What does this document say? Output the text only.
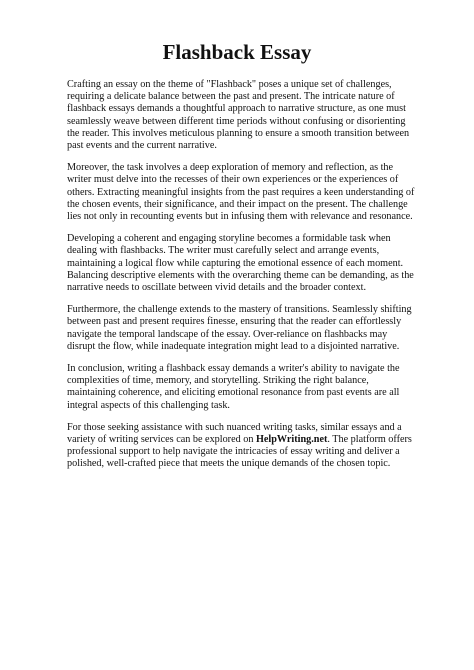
Flashback Essay

Crafting an essay on the theme of "Flashback" poses a unique set of challenges, requiring a delicate balance between the past and present. The intricate nature of flashback essays demands a thoughtful approach to narrative structure, as one must seamlessly weave between different time periods without confusing or disorienting the reader. This involves meticulous planning to ensure a smooth transition between past events and the current narrative.

Moreover, the task involves a deep exploration of memory and reflection, as the writer must delve into the recesses of their own experiences or the experiences of others. Extracting meaningful insights from the past requires a keen understanding of the chosen events, their significance, and their impact on the present. The challenge lies not only in recounting events but in infusing them with relevance and resonance.

Developing a coherent and engaging storyline becomes a formidable task when dealing with flashbacks. The writer must carefully select and arrange events, maintaining a logical flow while capturing the emotional essence of each moment. Balancing descriptive elements with the overarching theme can be demanding, as the narrative needs to oscillate between vivid details and the broader context.

Furthermore, the challenge extends to the mastery of transitions. Seamlessly shifting between past and present requires finesse, ensuring that the reader can effortlessly navigate the temporal landscape of the essay. Over-reliance on flashbacks may disrupt the flow, while inadequate integration might lead to a disjointed narrative.

In conclusion, writing a flashback essay demands a writer's ability to navigate the complexities of time, memory, and storytelling. Striking the right balance, maintaining coherence, and eliciting emotional resonance from past events are all integral aspects of this challenging task.

For those seeking assistance with such nuanced writing tasks, similar essays and a variety of writing services can be explored on HelpWriting.net. The platform offers professional support to help navigate the intricacies of essay writing and deliver a polished, well-crafted piece that meets the unique demands of the chosen topic.
